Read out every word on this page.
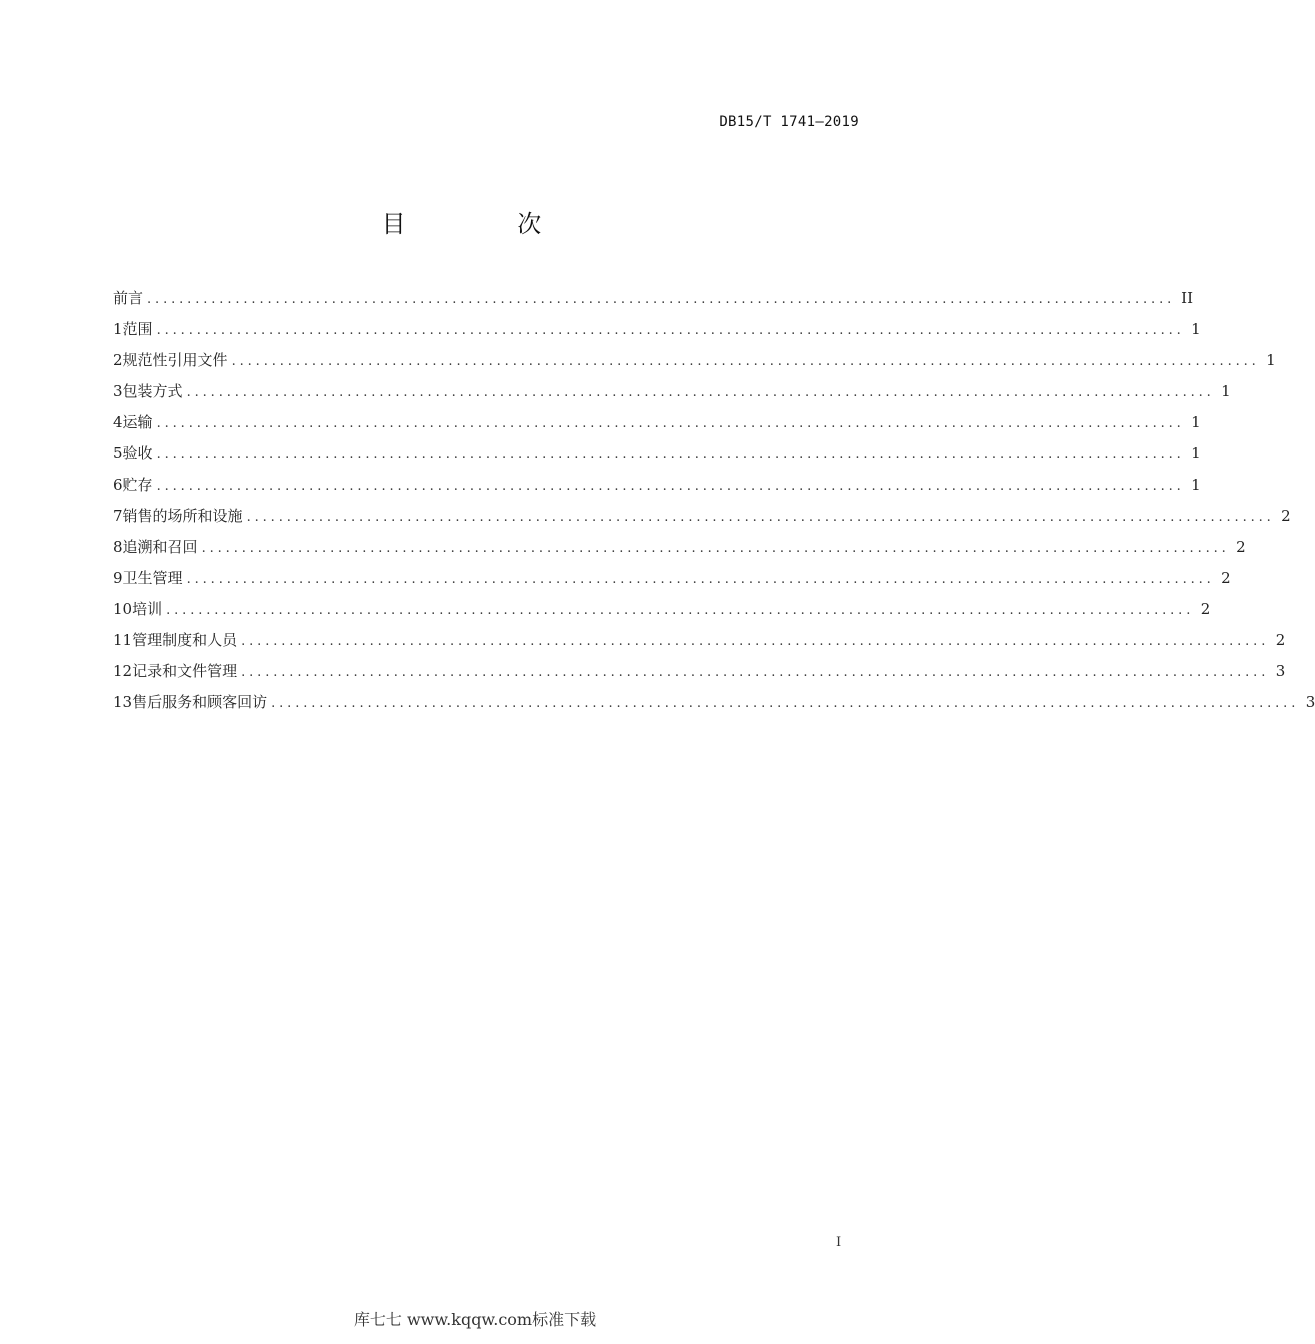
DB15/T 1741—2019
目 次
前言 ................................................................................................................................ II
1 范围 ................................................................................................................................ 1
2 规范性引用文件 ................................................................................................................................ 1
3 包装方式 ................................................................................................................................ 1
4 运输 ................................................................................................................................ 1
5 验收 ................................................................................................................................ 1
6 贮存 ................................................................................................................................ 1
7 销售的场所和设施 ................................................................................................................................ 2
8 追溯和召回 ................................................................................................................................ 2
9 卫生管理 ................................................................................................................................ 2
10 培训 ................................................................................................................................ 2
11 管理制度和人员 ................................................................................................................................ 2
12 记录和文件管理 ................................................................................................................................ 3
13 售后服务和顾客回访 ................................................................................................................................ 3
I
库七七 www.kqqw.com标准下载
